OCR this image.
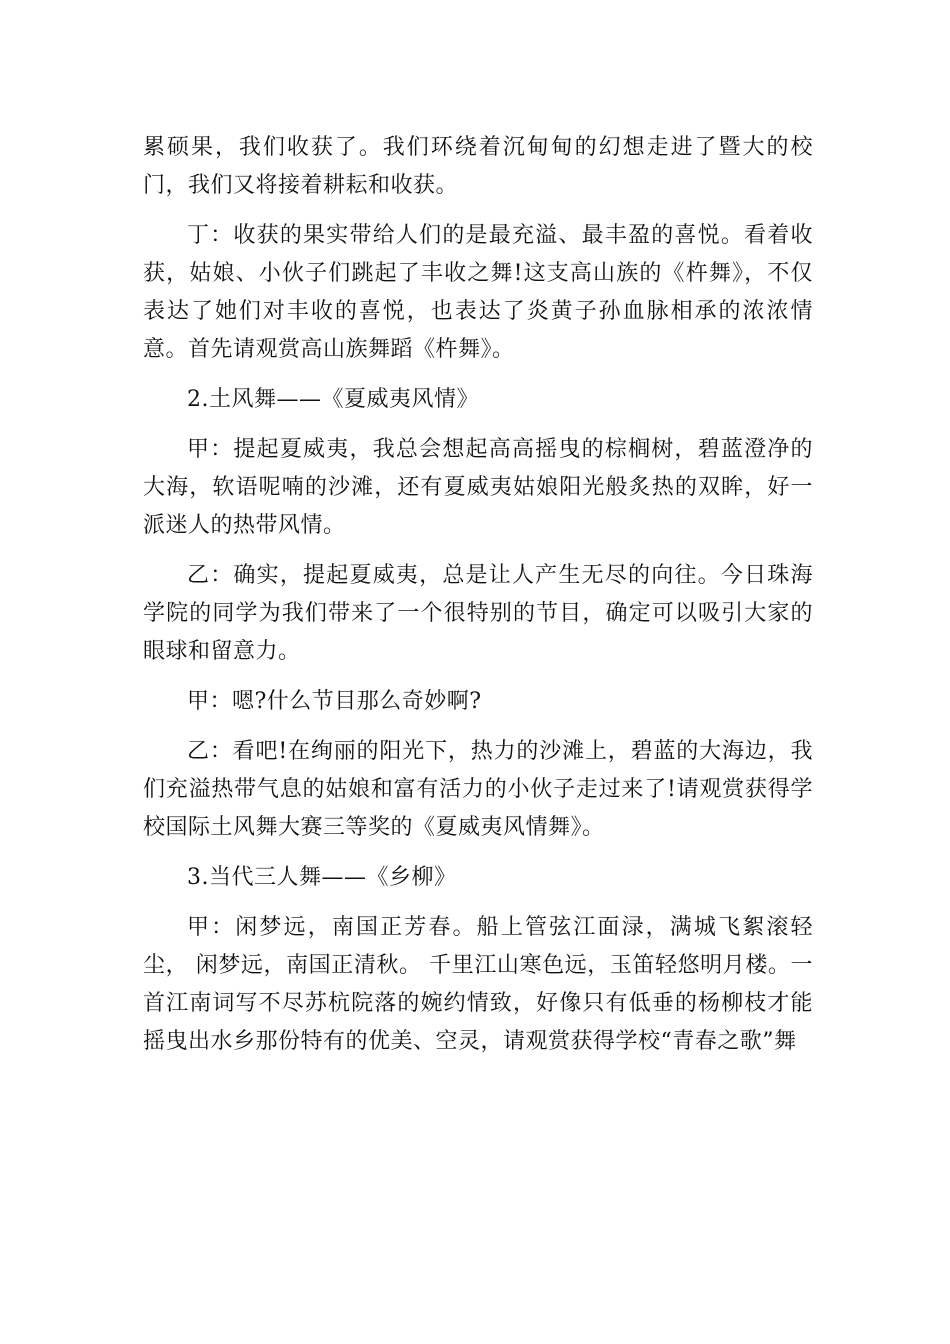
累硕果，我们收获了。我们环绕着沉甸甸的幻想走进了暨大的校门，我们又将接着耕耘和收获。

丁：收获的果实带给人们的是最充溢、最丰盈的喜悦。看着收获，姑娘、小伙子们跳起了丰收之舞!这支高山族的《杵舞》，不仅表达了她们对丰收的喜悦，也表达了炎黄子孙血脉相承的浓浓情意。首先请观赏高山族舞蹈《杵舞》。

2.土风舞——《夏威夷风情》

甲：提起夏威夷，我总会想起高高摇曳的棕榈树，碧蓝澄净的大海，软语呢喃的沙滩，还有夏威夷姑娘阳光般炙热的双眸，好一派迷人的热带风情。

乙：确实，提起夏威夷，总是让人产生无尽的向往。今日珠海学院的同学为我们带来了一个很特别的节目，确定可以吸引大家的眼球和留意力。

甲：嗯?什么节目那么奇妙啊?

乙：看吧!在绚丽的阳光下，热力的沙滩上，碧蓝的大海边，我们充溢热带气息的姑娘和富有活力的小伙子走过来了!请观赏获得学校国际土风舞大赛三等奖的《夏威夷风情舞》。

3.当代三人舞——《乡柳》

甲：闲梦远，南国正芳春。船上管弦江面渌，满城飞絮滚轻尘， 闲梦远，南国正清秋。 千里江山寒色远，玉笛轻悠明月楼。一首江南词写不尽苏杭院落的婉约情致，好像只有低垂的杨柳枝才能摇曳出水乡那份特有的优美、空灵，请观赏获得学校“青春之歌”舞
